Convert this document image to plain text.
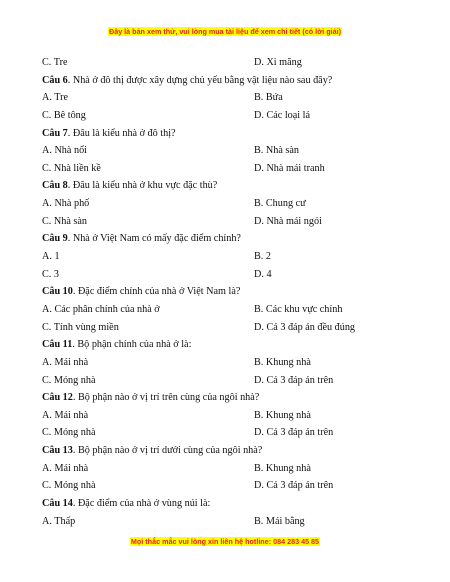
Đây là bản xem thử, vui lòng mua tài liệu để xem chi tiết (có lời giải)
C. Tre	D. Xi măng
Câu 6. Nhà ở đô thị được xây dựng chủ yếu bằng vật liệu nào sau đây?
A. Tre	B. Bứa
C. Bê tông	D. Các loại lá
Câu 7. Đâu là kiểu nhà ở đô thị?
A. Nhà nổi	B. Nhà sàn
C. Nhà liền kề	D. Nhà mái tranh
Câu 8. Đâu là kiểu nhà ở khu vực đặc thù?
A. Nhà phố	B. Chung cư
C. Nhà sàn	D. Nhà mái ngói
Câu 9. Nhà ở Việt Nam có mấy đặc điểm chính?
A. 1	B. 2
C. 3	D. 4
Câu 10. Đặc điểm chính của nhà ở Việt Nam là?
A. Các phân chính của nhà ở	B. Các khu vực chính
C. Tính vùng miền	D. Cả 3 đáp án đều đúng
Câu 11. Bộ phận chính của nhà ở là:
A. Mái nhà	B. Khung nhà
C. Móng nhà	D. Cả 3 đáp án trên
Câu 12. Bộ phận nào ở vị trí trên cùng của ngôi nhà?
A. Mái nhà	B. Khung nhà
C. Móng nhà	D. Cả 3 đáp án trên
Câu 13. Bộ phận nào ở vị trí dưới cùng của ngôi nhà?
A. Mái nhà	B. Khung nhà
C. Móng nhà	D. Cả 3 đáp án trên
Câu 14. Đặc điểm của nhà ở vùng núi là:
A. Thấp	B. Mái bằng
Mọi thắc mắc vui lòng xin liên hệ hotline: 084 283 45 85
